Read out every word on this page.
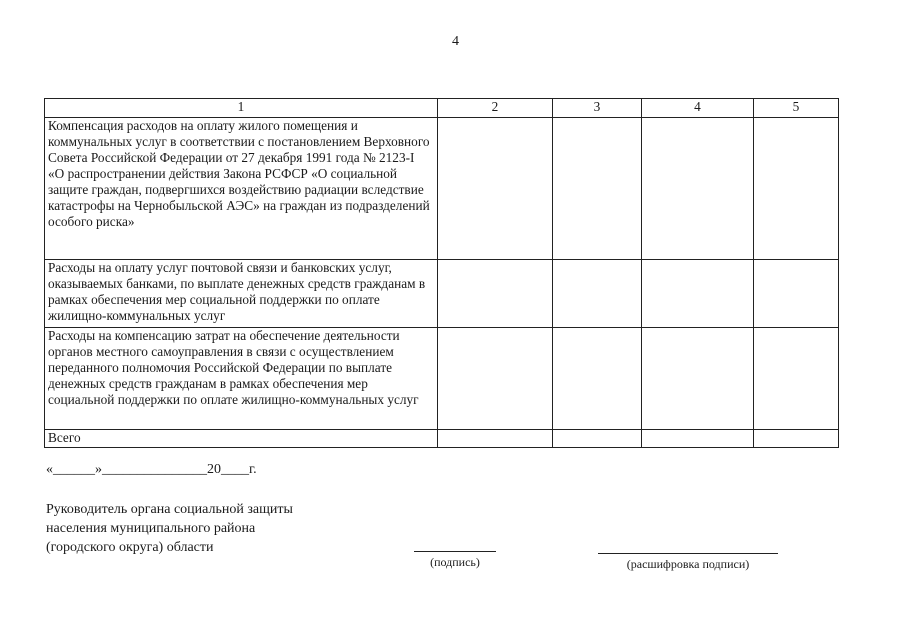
4
1	2	3	4	5
Компенсация расходов на оплату жилого помещения и коммунальных услуг в соответствии с постановлением Верховного Совета Российской Федерации от 27 декабря 1991 года № 2123-I «О распространении действия Закона РСФСР «О социальной защите граждан, подвергшихся воздействию радиации вследствие катастрофы на Чернобыльской АЭС» на граждан из подразделений особого риска»				
Расходы на оплату услуг почтовой связи и банковских услуг, оказываемых банками, по выплате денежных средств гражданам в рамках обеспечения мер социальной поддержки по оплате жилищно-коммунальных услуг				
Расходы на компенсацию затрат на обеспечение деятельности органов местного самоуправления в связи с осуществлением переданного полномочия Российской Федерации по выплате денежных средств гражданам в рамках обеспечения мер социальной поддержки по оплате жилищно-коммунальных услуг				
Всего				
«______»_______________20____г.
Руководитель органа социальной защиты
населения муниципального района
(городского округа) области
(подпись)	(расшифровка подписи)
